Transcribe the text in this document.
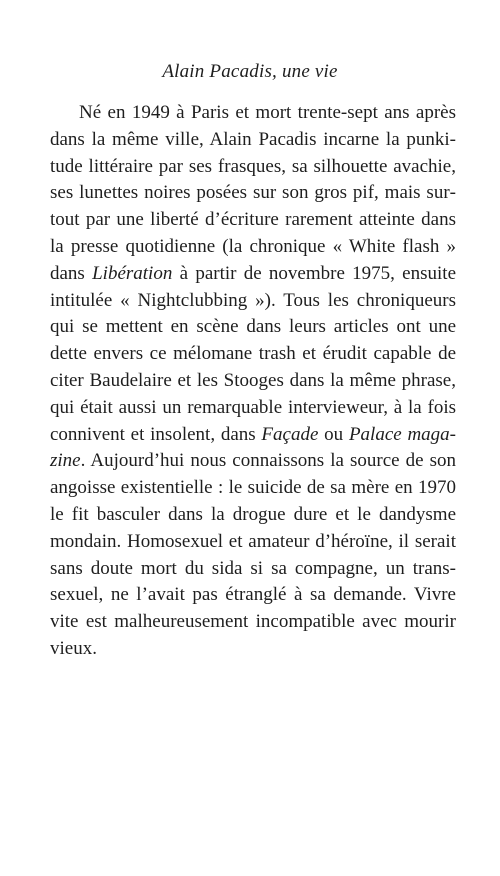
Alain Pacadis, une vie

Né en 1949 à Paris et mort trente-sept ans après dans la même ville, Alain Pacadis incarne la punkitude littéraire par ses frasques, sa silhouette avachie, ses lunettes noires posées sur son gros pif, mais surtout par une liberté d’écriture rarement atteinte dans la presse quotidienne (la chronique « White flash » dans Libération à partir de novembre 1975, ensuite intitulée « Nightclubbing »). Tous les chroniqueurs qui se mettent en scène dans leurs articles ont une dette envers ce mélomane trash et érudit capable de citer Baudelaire et les Stooges dans la même phrase, qui était aussi un remarquable intervieweur, à la fois connivent et insolent, dans Façade ou Palace magazine. Aujourd’hui nous connaissons la source de son angoisse existentielle : le suicide de sa mère en 1970 le fit basculer dans la drogue dure et le dandysme mondain. Homosexuel et amateur d’héroïne, il serait sans doute mort du sida si sa compagne, un transsexuel, ne l’avait pas étranglé à sa demande. Vivre vite est malheureusement incompatible avec mourir vieux.
